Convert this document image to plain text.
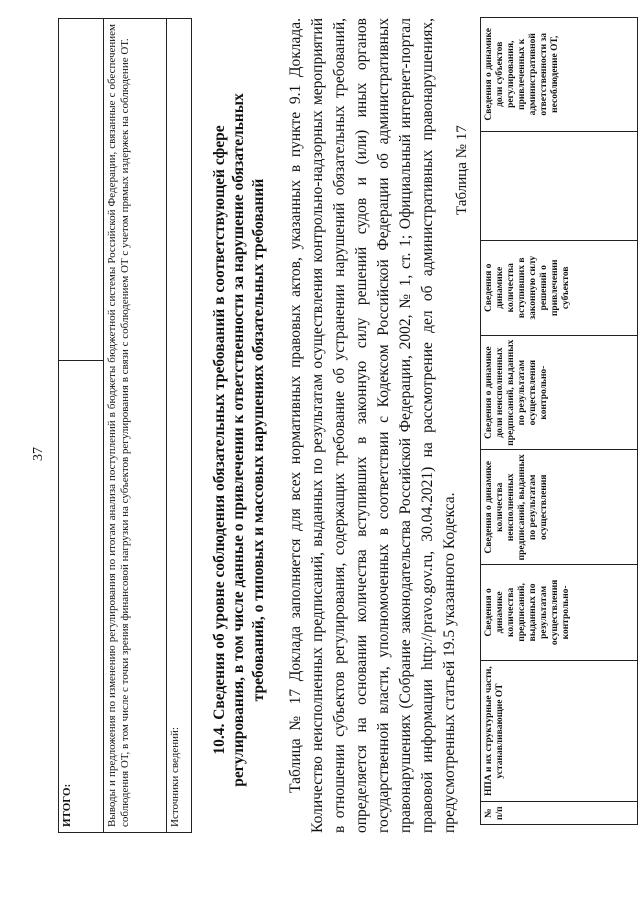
37
ИТОГО:	
Выводы и предложения по изменению регулирования по итогам анализа поступлений в бюджеты бюджетной системы Российской Федерации, связанные с обеспечением соблюдения ОТ, в том числе с точки зрения финансовой нагрузки на субъектов регулирования в связи с соблюдением ОТ с учетом прямых издержек на соблюдение ОТ.
Источники сведений:
10.4. Сведения об уровне соблюдения обязательных требований в соответствующей сфере регулирования, в том числе данные о привлечении к ответственности за нарушение обязательных требований, о типовых и массовых нарушениях обязательных требований Таблица № 17 Доклада заполняется для всех нормативных правовых актов, указанных в пункте 9.1 Доклада. Количество неисполненных предписаний, выданных по результатам осуществления контрольно-надзорных мероприятий в отношении субъектов регулирования, содержащих требование об устранении нарушений обязательных требований, определяется на основании количества вступивших в законную силу решений судов и (или) иных органов государственной власти, уполномоченных в соответствии с Кодексом Российской Федерации об административных правонарушениях (Собрание законодательства Российской Федерации, 2002, № 1, ст. 1; Официальный интернет-портал правовой информации http://pravo.gov.ru, 30.04.2021) на рассмотрение дел об административных правонарушениях, предусмотренных статьей 19.5 указанного Кодекса.
Таблица № 17
№ п/п	НПА и их структурные части, устанавливающие ОТ	Сведения о динамике количества предписаний, выданных по результатам осуществления контрольно-	Сведения о динамике количества неисполненных предписаний, выданных по результатам осуществления	Сведения о динамике доли неисполненных предписаний, выданных по результатам осуществления контрольно-	Сведения о динамике количества вступивших в законную силу решений о привлечении субъектов		Сведения о динамике доли субъектов регулирования, привлеченных к административной ответственности за несоблюдение ОТ,
